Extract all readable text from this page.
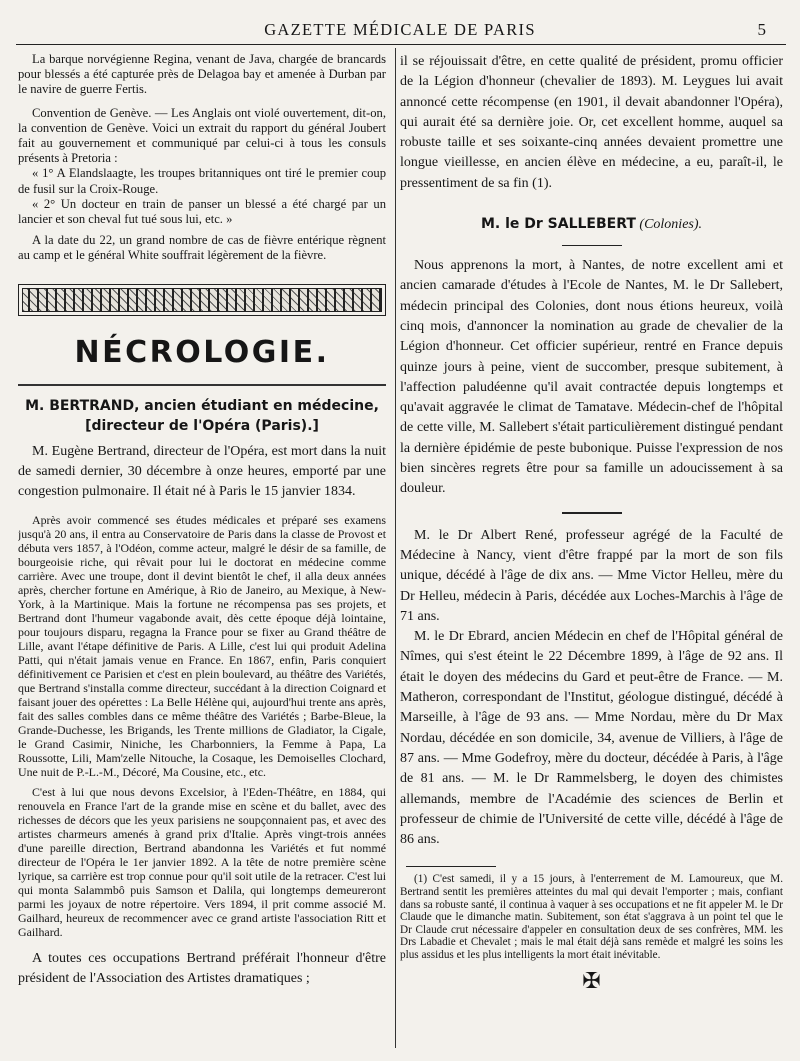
GAZETTE MÉDICALE DE PARIS	5

La barque norvégienne Regina, venant de Java, chargée de brancards pour blessés a été capturée près de Delagoa bay et amenée à Durban par le navire de guerre Fertis.

Convention de Genève. — Les Anglais ont violé ouvertement, dit-on, la convention de Genève. Voici un extrait du rapport du général Joubert fait au gouvernement et communiqué par celui-ci à tous les consuls présents à Pretoria :

« 1° A Elandslaagte, les troupes britanniques ont tiré le premier coup de fusil sur la Croix-Rouge.

« 2° Un docteur en train de panser un blessé a été chargé par un lancier et son cheval fut tué sous lui, etc. »

A la date du 22, un grand nombre de cas de fièvre entérique règnent au camp et le général White souffrait légèrement de la fièvre.

NÉCROLOGIE.
M. BERTRAND, ancien étudiant en médecine,
[directeur de l'Opéra (Paris).]

M. Eugène Bertrand, directeur de l'Opéra, est mort dans la nuit de samedi dernier, 30 décembre à onze heures, emporté par une congestion pulmonaire. Il était né à Paris le 15 janvier 1834.

Après avoir commencé ses études médicales et préparé ses examens jusqu'à 20 ans, il entra au Conservatoire de Paris dans la classe de Provost et débuta vers 1857, à l'Odéon, comme acteur, malgré le désir de sa famille, de bourgeoisie riche, qui rêvait pour lui le doctorat en médecine comme carrière. Avec une troupe, dont il devint bientôt le chef, il alla deux années après, chercher fortune en Amérique, à Rio de Janeiro, au Mexique, à New-York, à la Martinique. Mais la fortune ne récompensa pas ses projets, et Bertrand dont l'humeur vagabonde avait, dès cette époque déjà lointaine, pour toujours disparu, regagna la France pour se fixer au Grand théâtre de Lille, avant l'étape définitive de Paris. A Lille, c'est lui qui produit Adelina Patti, qui n'était jamais venue en France. En 1867, enfin, Paris conquiert définitivement ce Parisien et c'est en plein boulevard, au théâtre des Variétés, que Bertrand s'installa comme directeur, succédant à la direction Coignard et faisant jouer des opérettes : La Belle Hélène qui, aujourd'hui trente ans après, fait des salles combles dans ce même théâtre des Variétés ; Barbe-Bleue, la Grande-Duchesse, les Brigands, les Trente millions de Gladiator, la Cigale, le Grand Casimir, Niniche, les Charbonniers, la Femme à Papa, La Roussotte, Lili, Mam'zelle Nitouche, la Cosaque, les Demoiselles Clochard, Une nuit de P.-L.-M., Décoré, Ma Cousine, etc., etc.

C'est à lui que nous devons Excelsior, à l'Eden-Théâtre, en 1884, qui renouvela en France l'art de la grande mise en scène et du ballet, avec des richesses de décors que les yeux parisiens ne soupçonnaient pas, et avec des artistes charmeurs amenés à grand prix d'Italie. Après vingt-trois années d'une pareille direction, Bertrand abandonna les Variétés et fut nommé directeur de l'Opéra le 1er janvier 1892. A la tête de notre première scène lyrique, sa carrière est trop connue pour qu'il soit utile de la retracer. C'est lui qui monta Salammbô puis Samson et Dalila, qui longtemps demeureront parmi les joyaux de notre répertoire. Vers 1894, il prit comme associé M. Gailhard, heureux de recommencer avec ce grand artiste l'association Ritt et Gailhard.

A toutes ces occupations Bertrand préférait l'honneur d'être président de l'Association des Artistes dramatiques ;

il se réjouissait d'être, en cette qualité de président, promu officier de la Légion d'honneur (chevalier de 1893). M. Leygues lui avait annoncé cette récompense (en 1901, il devait abandonner l'Opéra), qui aurait été sa dernière joie. Or, cet excellent homme, auquel sa robuste taille et ses soixante-cinq années devaient promettre une longue vieillesse, en ancien élève en médecine, a eu, paraît-il, le pressentiment de sa fin (1).

M. le Dr SALLEBERT (Colonies).

Nous apprenons la mort, à Nantes, de notre excellent ami et ancien camarade d'études à l'Ecole de Nantes, M. le Dr Sallebert, médecin principal des Colonies, dont nous étions heureux, voilà cinq mois, d'annoncer la nomination au grade de chevalier de la Légion d'honneur. Cet officier supérieur, rentré en France depuis quinze jours à peine, vient de succomber, presque subitement, à l'affection paludéenne qu'il avait contractée depuis longtemps et qu'avait aggravée le climat de Tamatave. Médecin-chef de l'hôpital de cette ville, M. Sallebert s'était particulièrement distingué pendant la dernière épidémie de peste bubonique. Puisse l'expression de nos bien sincères regrets être pour sa famille un adoucissement à sa douleur.

M. le Dr Albert René, professeur agrégé de la Faculté de Médecine à Nancy, vient d'être frappé par la mort de son fils unique, décédé à l'âge de dix ans. — Mme Victor Helleu, mère du Dr Helleu, médecin à Paris, décédée aux Loches-Marchis à l'âge de 71 ans.

M. le Dr Ebrard, ancien Médecin en chef de l'Hôpital général de Nîmes, qui s'est éteint le 22 Décembre 1899, à l'âge de 92 ans. Il était le doyen des médecins du Gard et peut-être de France. — M. Matheron, correspondant de l'Institut, géologue distingué, décédé à Marseille, à l'âge de 93 ans. — Mme Nordau, mère du Dr Max Nordau, décédée en son domicile, 34, avenue de Villiers, à l'âge de 87 ans. — Mme Godefroy, mère du docteur, décédée à Paris, à l'âge de 81 ans. — M. le Dr Rammelsberg, le doyen des chimistes allemands, membre de l'Académie des sciences de Berlin et professeur de chimie de l'Université de cette ville, décédé à l'âge de 86 ans.

(1) C'est samedi, il y a 15 jours, à l'enterrement de M. Lamoureux, que M. Bertrand sentit les premières atteintes du mal qui devait l'emporter ; mais, confiant dans sa robuste santé, il continua à vaquer à ses occupations et ne fit appeler M. le Dr Claude que le dimanche matin. Subitement, son état s'aggrava à un point tel que le Dr Claude crut nécessaire d'appeler en consultation deux de ses confrères, MM. les Drs Labadie et Chevalet ; mais le mal était déjà sans remède et malgré les soins les plus assidus et les plus intelligents la mort était inévitable.

✠
